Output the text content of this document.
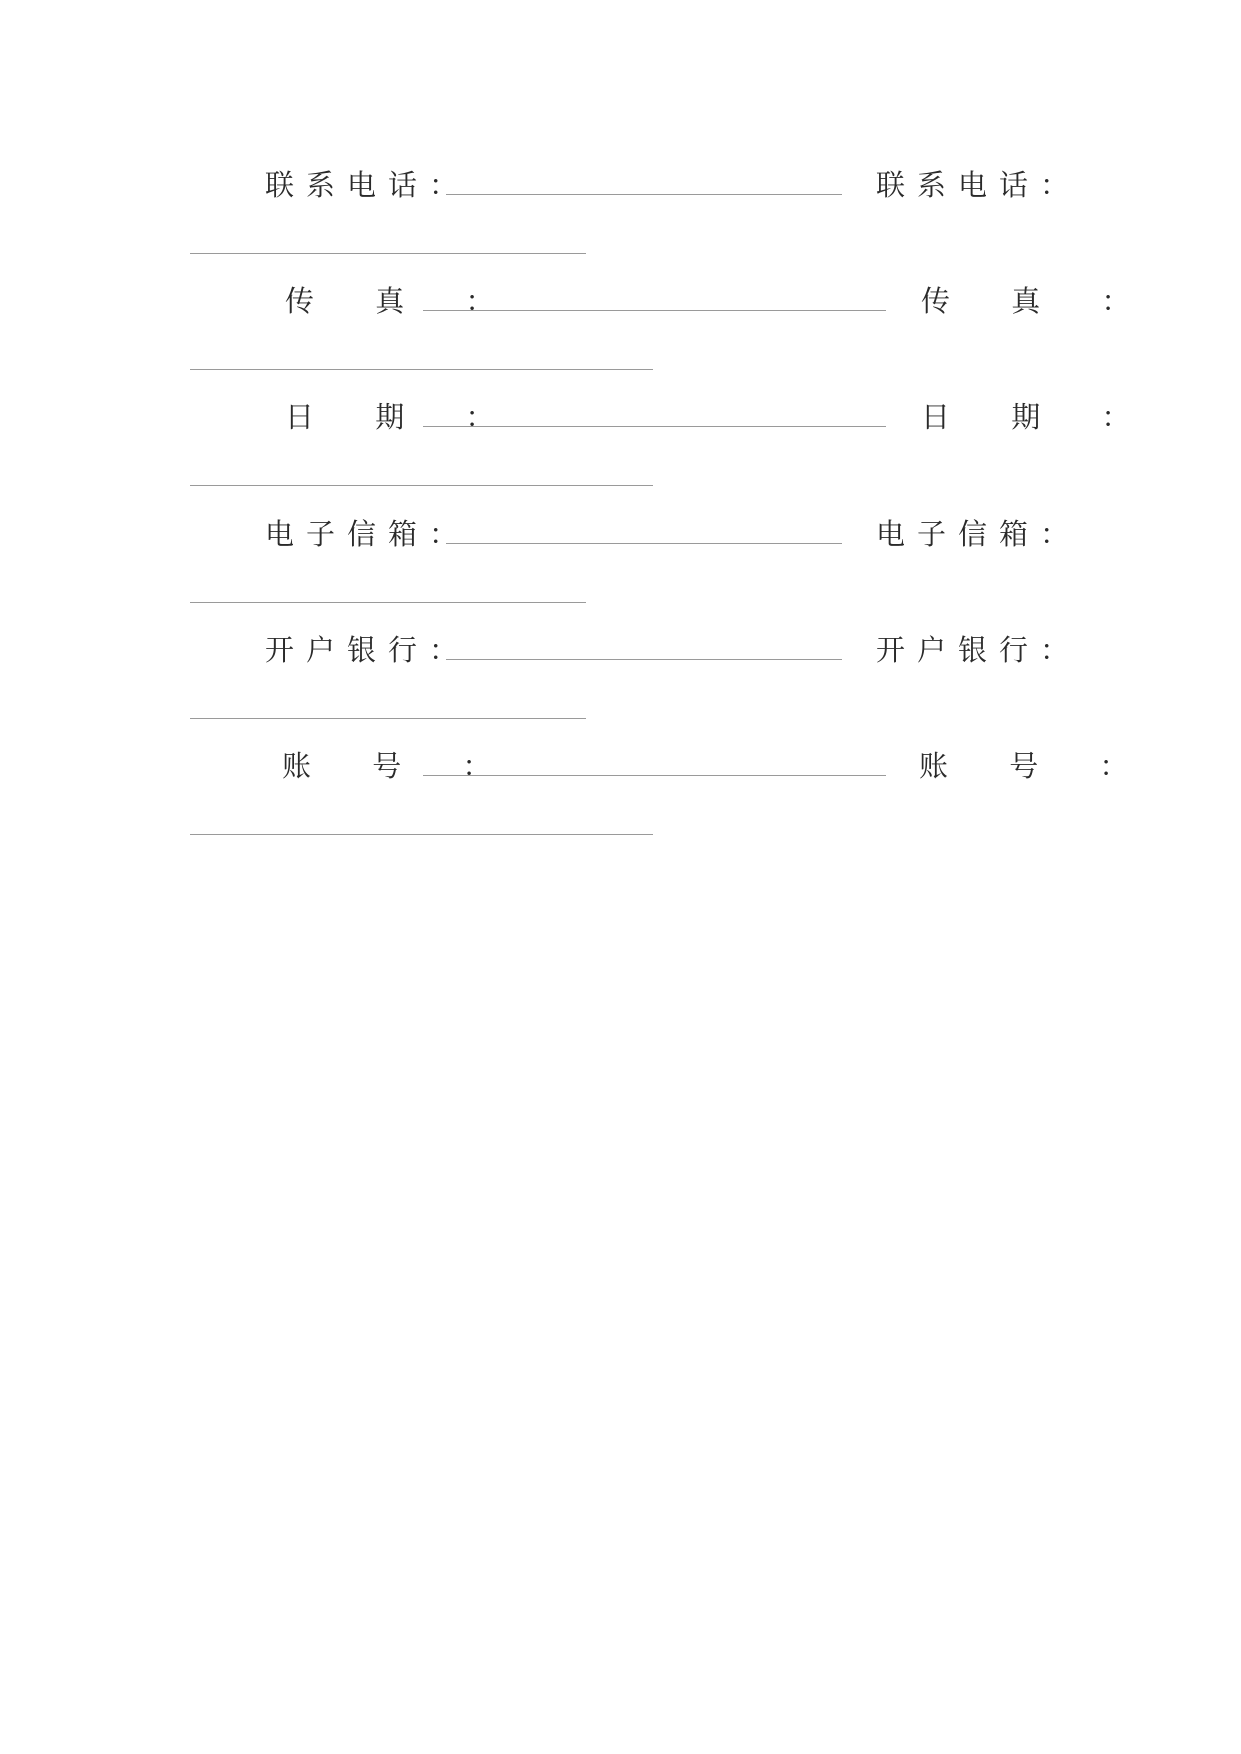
联系电话：	联系电话：
传 真 ：	传 真 ：
日 期 ：	日 期 ：
电子信箱：	电子信箱：
开户银行：	开户银行：
账 号 ：	账 号 ：
